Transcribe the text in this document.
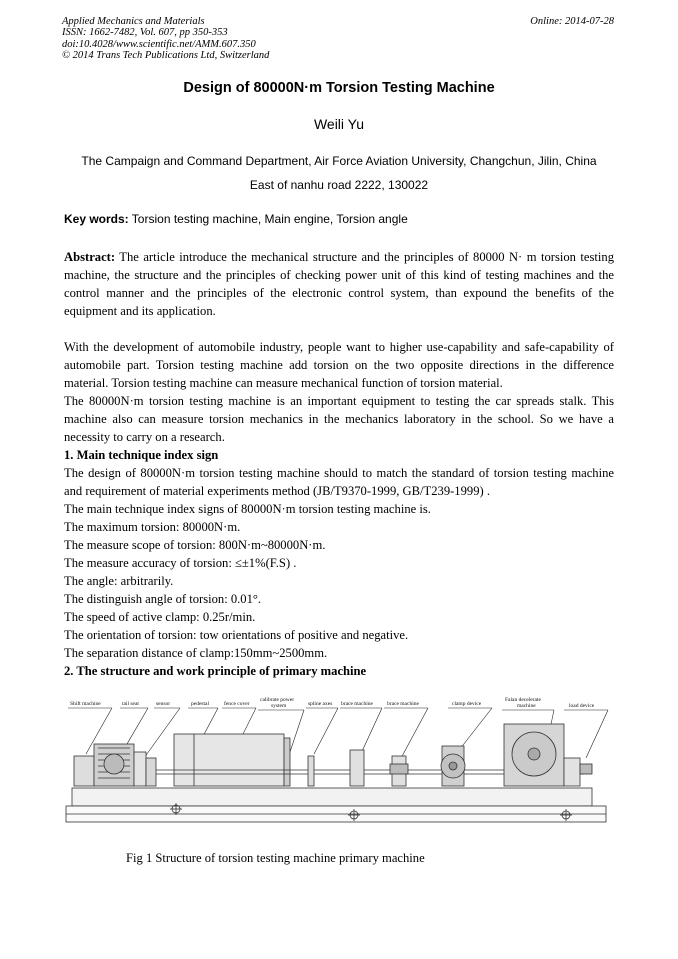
Applied Mechanics and Materials
ISSN: 1662-7482, Vol. 607, pp 350-353
doi:10.4028/www.scientific.net/AMM.607.350
© 2014 Trans Tech Publications Ltd, Switzerland
Online: 2014-07-28
Design of 80000N·m Torsion Testing Machine
Weili Yu
The Campaign and Command Department, Air Force Aviation University, Changchun, Jilin, China
East of nanhu road 2222, 130022
Key words: Torsion testing machine, Main engine, Torsion angle
Abstract: The article introduce the mechanical structure and the principles of 80000 N· m torsion testing machine, the structure and the principles of checking power unit of this kind of testing machines and the control manner and the principles of the electronic control system, than expound the benefits of the equipment and its application.

With the development of automobile industry, people want to higher use-capability and safe-capability of automobile part. Torsion testing machine add torsion on the two opposite directions in the difference material. Torsion testing machine can measure mechanical function of torsion material.

The 80000N·m torsion testing machine is an important equipment to testing the car spreads stalk. This machine also can measure torsion mechanics in the mechanics laboratory in the school. So we have a necessity to carry on a research.

1. Main technique index sign

The design of 80000N·m torsion testing machine should to match the standard of torsion testing machine and requirement of material experiments method (JB/T9370-1999, GB/T239-1999) .

The main technique index signs of 80000N·m torsion testing machine is.

The maximum torsion: 80000N·m.

The measure scope of torsion: 800N·m~80000N·m.

The measure accuracy of torsion: ≤±1%(F.S) .

The angle: arbitrarily.

The distinguish angle of torsion: 0.01°.

The speed of active clamp: 0.25r/min.

The orientation of torsion: tow orientations of positive and negative.

The separation distance of clamp:150mm~2500mm.

2. The structure and work principle of primary machine

Shift machine	tail seat	sensor	pedestal	fence cover
calibrate power
system	spline axes brace machine	brace machine	clamp device
Falan decelerate
machine	load device
Fig 1 Structure of torsion testing machine primary machine
